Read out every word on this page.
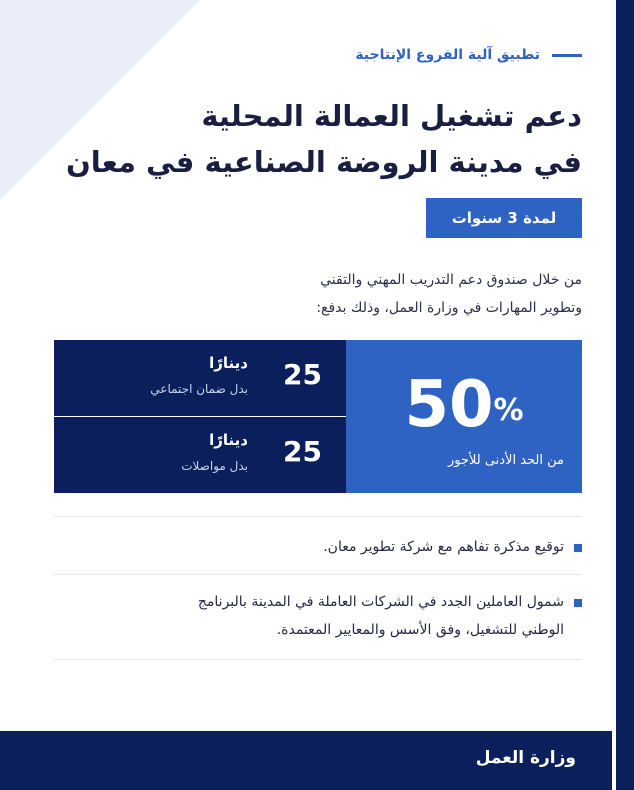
تطبيق آلية الفروع الإنتاجية
دعم تشغيل العمالة المحلية
في مدينة الروضة الصناعية في معان
لمدة 3 سنوات
من خلال صندوق دعم التدريب المهني والتقني
وتطوير المهارات في وزارة العمل، وذلك بدفع:
50%
من الحد الأدنى للأجور
25
دينارًا
بدل ضمان اجتماعي
25
دينارًا
بدل مواصلات
توقيع مذكرة تفاهم مع شركة تطوير معان.
شمول العاملين الجدد في الشركات العاملة في المدينة بالبرنامج
الوطني للتشغيل، وفق الأسس والمعايير المعتمدة.
وزارة العمل
